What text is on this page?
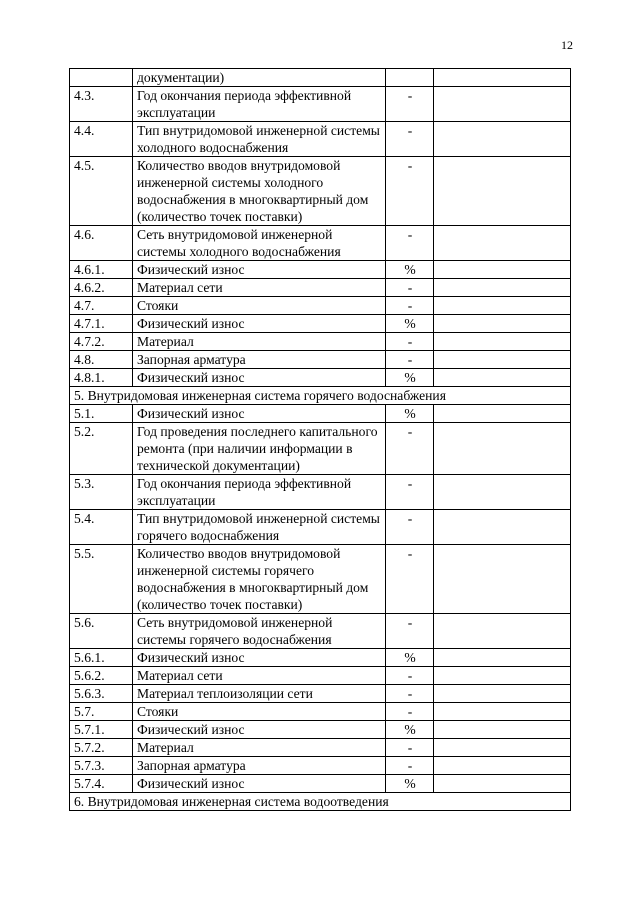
12
	документации)		
4.3.	Год окончания периода эффективной эксплуатации	-	
4.4.	Тип внутридомовой инженерной системы холодного водоснабжения	-	
4.5.	Количество вводов внутридомовой инженерной системы холодного водоснабжения в многоквартирный дом (количество точек поставки)	-	
4.6.	Сеть внутридомовой инженерной системы холодного водоснабжения	-	
4.6.1.	Физический износ	%	
4.6.2.	Материал сети	-	
4.7.	Стояки	-	
4.7.1.	Физический износ	%	
4.7.2.	Материал	-	
4.8.	Запорная арматура	-	
4.8.1.	Физический износ	%	
5. Внутридомовая инженерная система горячего водоснабжения			
5.1.	Физический износ	%	
5.2.	Год проведения последнего капитального ремонта (при наличии информации в технической документации)	-	
5.3.	Год окончания периода эффективной эксплуатации	-	
5.4.	Тип внутридомовой инженерной системы горячего водоснабжения	-	
5.5.	Количество вводов внутридомовой инженерной системы горячего водоснабжения в многоквартирный дом (количество точек поставки)	-	
5.6.	Сеть внутридомовой инженерной системы горячего водоснабжения	-	
5.6.1.	Физический износ	%	
5.6.2.	Материал сети	-	
5.6.3.	Материал теплоизоляции сети	-	
5.7.	Стояки	-	
5.7.1.	Физический износ	%	
5.7.2.	Материал	-	
5.7.3.	Запорная арматура	-	
5.7.4.	Физический износ	%	
6. Внутридомовая инженерная система водоотведения			
